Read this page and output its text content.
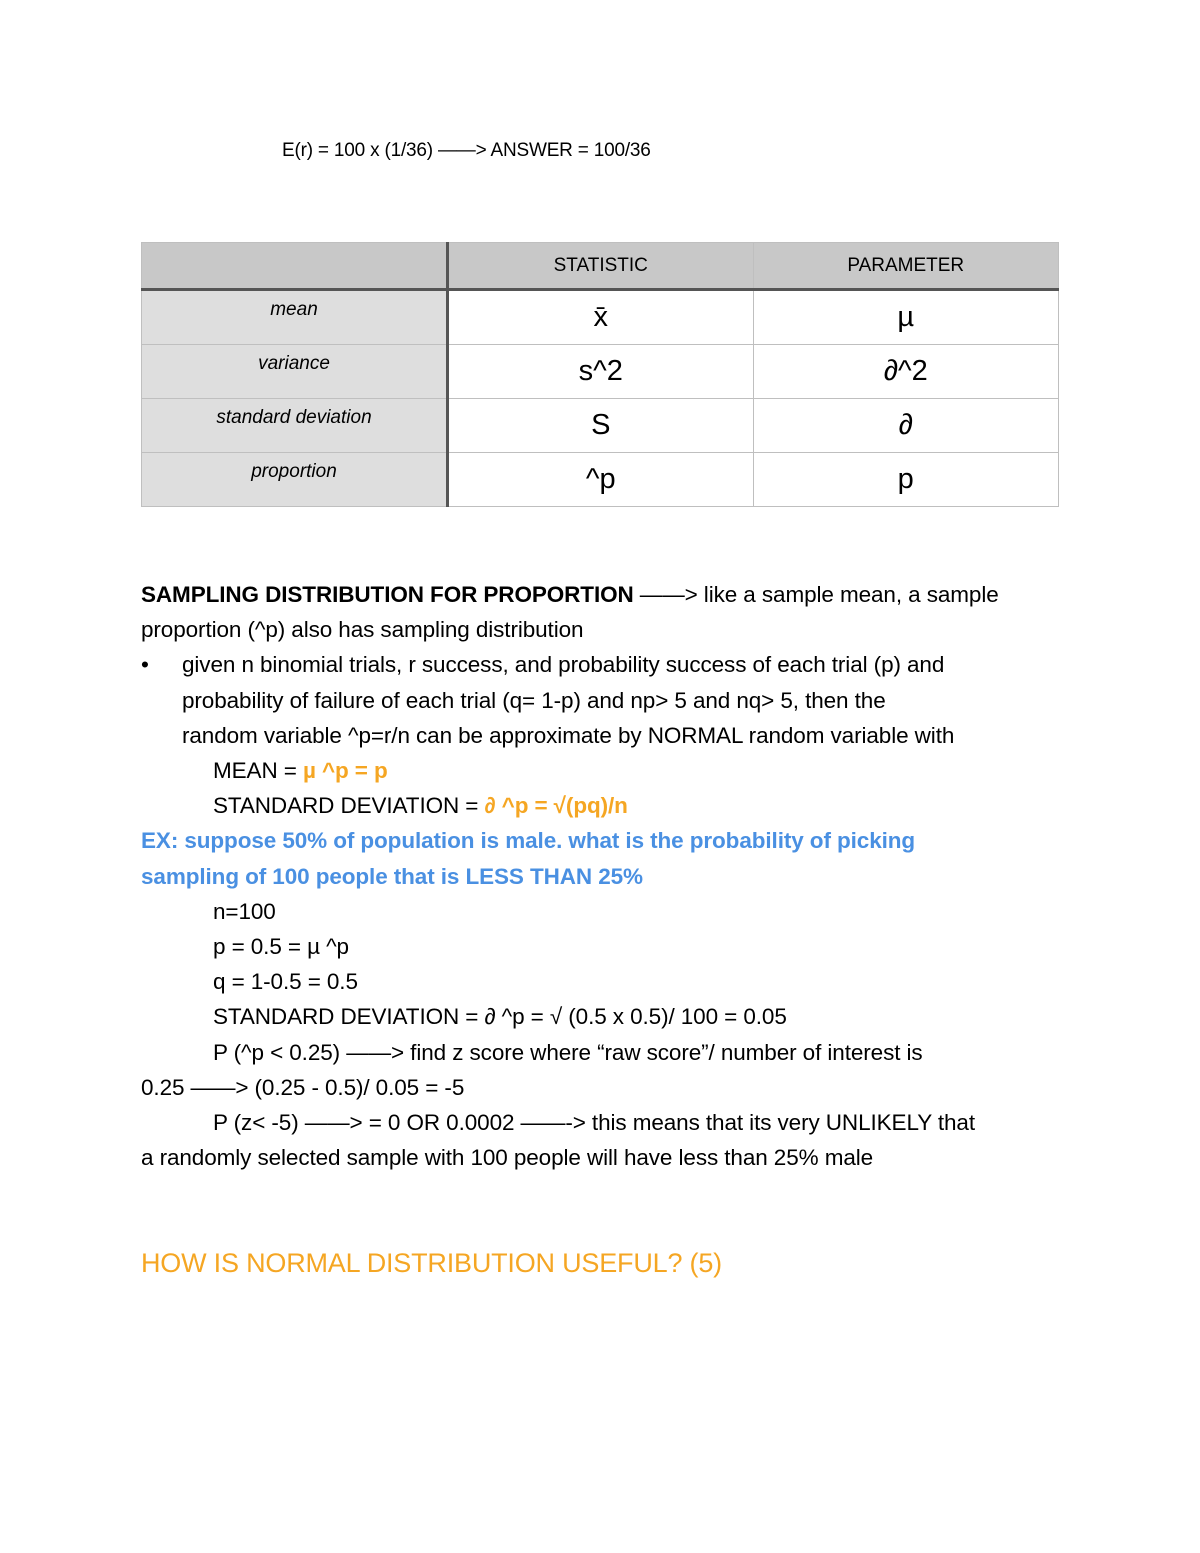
E(r) = 100 x (1/36) ——> ANSWER = 100/36
	STATISTIC	PARAMETER
mean	x̄	µ
variance	s^2	∂^2
standard deviation	S	∂
proportion	^p	p
SAMPLING DISTRIBUTION FOR PROPORTION ——> like a sample mean, a sample
proportion (^p) also has sampling distribution
• given n binomial trials, r success, and probability success of each trial (p) and
probability of failure of each trial (q= 1-p) and np> 5 and nq> 5, then the
random variable ^p=r/n can be approximate by NORMAL random variable with
MEAN = µ ^p = p
STANDARD DEVIATION = ∂ ^p = √(pq)/n
EX: suppose 50% of population is male. what is the probability of picking
sampling of 100 people that is LESS THAN 25%
n=100
p = 0.5 = µ ^p
q = 1-0.5 = 0.5
STANDARD DEVIATION = ∂ ^p = √ (0.5 x 0.5)/ 100 = 0.05
P (^p < 0.25) ——> find z score where “raw score”/ number of interest is
0.25 ——> (0.25 - 0.5)/ 0.05 = -5
P (z< -5) ——> = 0 OR 0.0002 ——-> this means that its very UNLIKELY that
a randomly selected sample with 100 people will have less than 25% male
HOW IS NORMAL DISTRIBUTION USEFUL? (5)
